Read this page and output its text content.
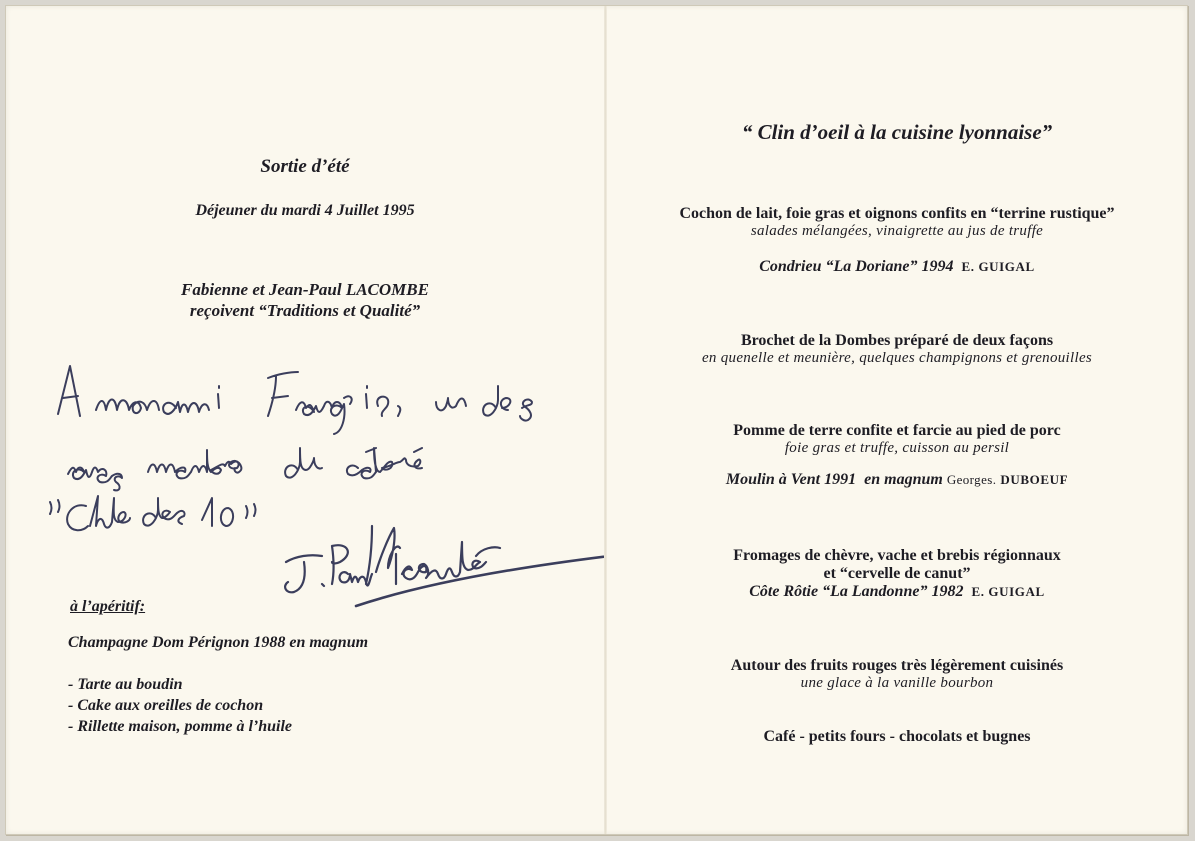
Sortie d’été
Déjeuner du mardi 4 Juillet 1995
Fabienne et Jean-Paul LACOMBE
reçoivent “Traditions et Qualité”
à l’apéritif:
Champagne Dom Pérignon 1988 en magnum
- Tarte au boudin
- Cake aux oreilles de cochon
- Rillette maison, pomme à l’huile
“ Clin d’oeil à la cuisine lyonnaise”
Cochon de lait, foie gras et oignons confits en “terrine rustique”
salades mélangées, vinaigrette au jus de truffe
Condrieu “La Doriane” 1994 E. GUIGAL
Brochet de la Dombes préparé de deux façons
en quenelle et meunière, quelques champignons et grenouilles
Pomme de terre confite et farcie au pied de porc
foie gras et truffe, cuisson au persil
Moulin à Vent 1991 en magnum Georges. DUBOEUF
Fromages de chèvre, vache et brebis régionnaux
et “cervelle de canut”
Côte Rôtie “La Landonne” 1982 E. GUIGAL
Autour des fruits rouges très légèrement cuisinés
une glace à la vanille bourbon
Café - petits fours - chocolats et bugnes
